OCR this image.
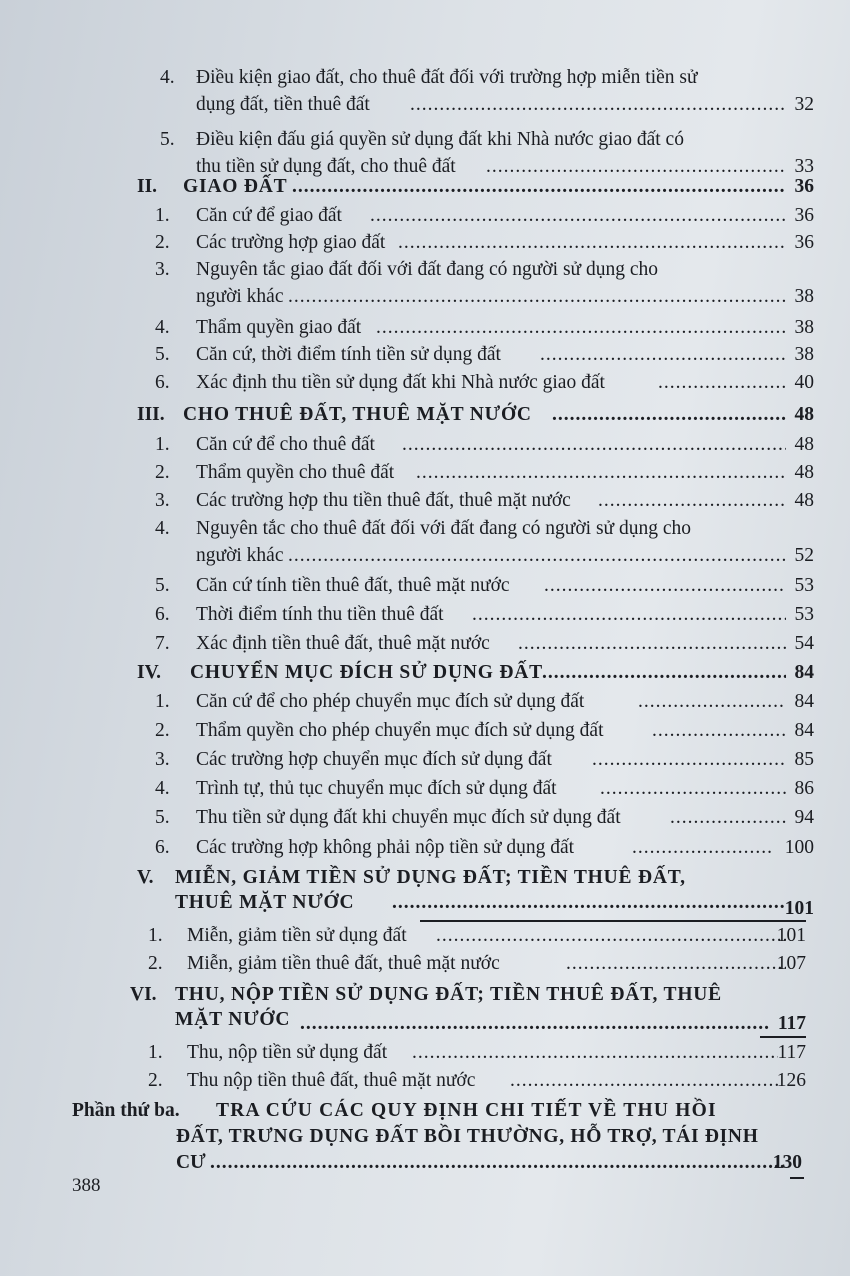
4. Điều kiện giao đất, cho thuê đất đối với trường hợp miễn tiền sử
dụng đất, tiền thuê đất .....	32
5. Điều kiện đấu giá quyền sử dụng đất khi Nhà nước giao đất có
thu tiền sử dụng đất, cho thuê đất .....	33
II. GIAO ĐẤT .....	36
1. Căn cứ để giao đất .....	36
2. Các trường hợp giao đất .....	36
3. Nguyên tắc giao đất đối với đất đang có người sử dụng cho
người khác .....	38
4. Thẩm quyền giao đất .....	38
5. Căn cứ, thời điểm tính tiền sử dụng đất .....	38
6. Xác định thu tiền sử dụng đất khi Nhà nước giao đất .....	40
III. CHO THUÊ ĐẤT, THUÊ MẶT NƯỚC .....	48
1. Căn cứ để cho thuê đất .....	48
2. Thẩm quyền cho thuê đất .....	48
3. Các trường hợp thu tiền thuê đất, thuê mặt nước .....	48
4. Nguyên tắc cho thuê đất đối với đất đang có người sử dụng cho
người khác .....	52
5. Căn cứ tính tiền thuê đất, thuê mặt nước .....	53
6. Thời điểm tính thu tiền thuê đất .....	53
7. Xác định tiền thuê đất, thuê mặt nước .....	54
IV. CHUYỂN MỤC ĐÍCH SỬ DỤNG ĐẤT .....	84
1. Căn cứ để cho phép chuyển mục đích sử dụng đất .....	84
2. Thẩm quyền cho phép chuyển mục đích sử dụng đất .....	84
3. Các trường hợp chuyển mục đích sử dụng đất .....	85
4. Trình tự, thủ tục chuyển mục đích sử dụng đất .....	86
5. Thu tiền sử dụng đất khi chuyển mục đích sử dụng đất .....	94
6. Các trường hợp không phải nộp tiền sử dụng đất .....	100
V. MIỄN, GIẢM TIỀN SỬ DỤNG ĐẤT; TIỀN THUÊ ĐẤT,
THUÊ MẶT NƯỚC .....	101
1. Miễn, giảm tiền sử dụng đất .....	101
2. Miễn, giảm tiền thuê đất, thuê mặt nước .....	107
VI. THU, NỘP TIỀN SỬ DỤNG ĐẤT; TIỀN THUÊ ĐẤT, THUÊ
MẶT NƯỚC .....	117
1. Thu, nộp tiền sử dụng đất .....	117
2. Thu nộp tiền thuê đất, thuê mặt nước .....	126
Phần thứ ba. TRA CỨU CÁC QUY ĐỊNH CHI TIẾT VỀ THU HỒI
ĐẤT, TRƯNG DỤNG ĐẤT BỒI THƯỜNG, HỖ TRỢ, TÁI ĐỊNH
CƯ .....	130
388
